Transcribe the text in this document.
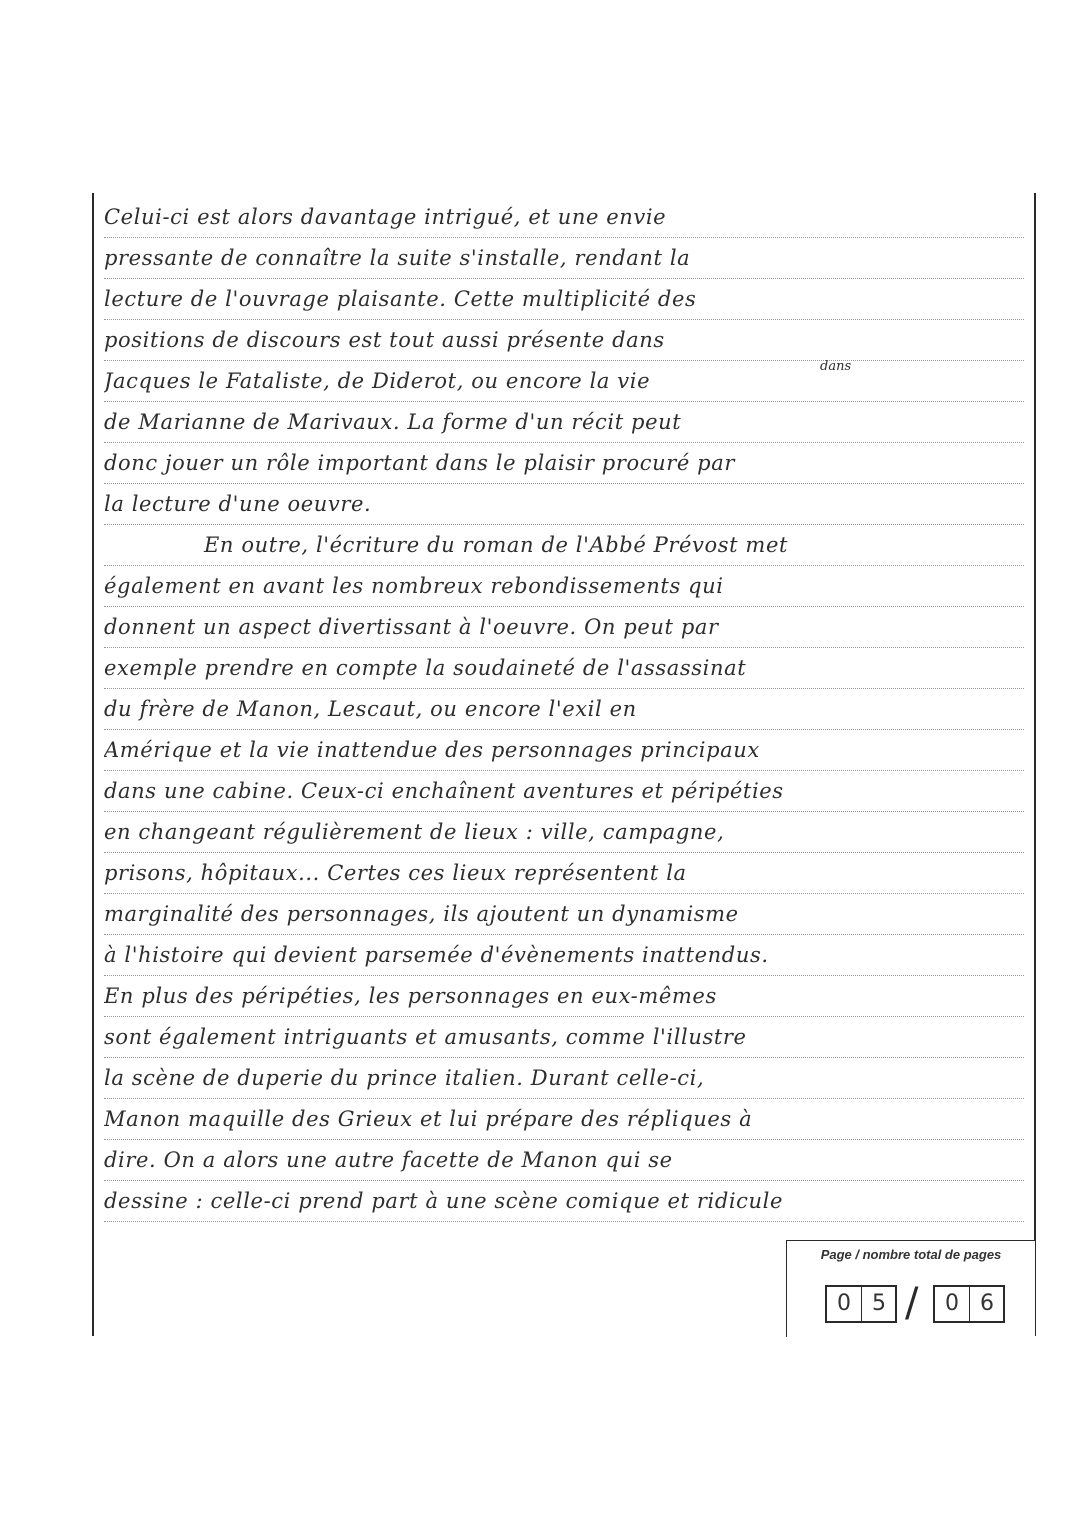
Celui-ci est alors davantage intrigué, et une envie
pressante de connaître la suite s'installe, rendant la
lecture de l'ouvrage plaisante. Cette multiplicité des
positions de discours est tout aussi présente dans
dans
Jacques le Fataliste, de Diderot, ou encore la vie
de Marianne de Marivaux. La forme d'un récit peut
donc jouer un rôle important dans le plaisir procuré par
la lecture d'une oeuvre.
En outre, l'écriture du roman de l'Abbé Prévost met
également en avant les nombreux rebondissements qui
donnent un aspect divertissant à l'oeuvre. On peut par
exemple prendre en compte la soudaineté de l'assassinat
du frère de Manon, Lescaut, ou encore l'exil en
Amérique et la vie inattendue des personnages principaux
dans une cabine. Ceux-ci enchaînent aventures et péripéties
en changeant régulièrement de lieux : ville, campagne,
prisons, hôpitaux... Certes ces lieux représentent la
marginalité des personnages, ils ajoutent un dynamisme
à l'histoire qui devient parsemée d'évènements inattendus.
En plus des péripéties, les personnages en eux-mêmes
sont également intriguants et amusants, comme l'illustre
la scène de duperie du prince italien. Durant celle-ci,
Manon maquille des Grieux et lui prépare des répliques à
dire. On a alors une autre facette de Manon qui se
dessine : celle-ci prend part à une scène comique et ridicule
Page / nombre total de pages
0 5 /	0 6
